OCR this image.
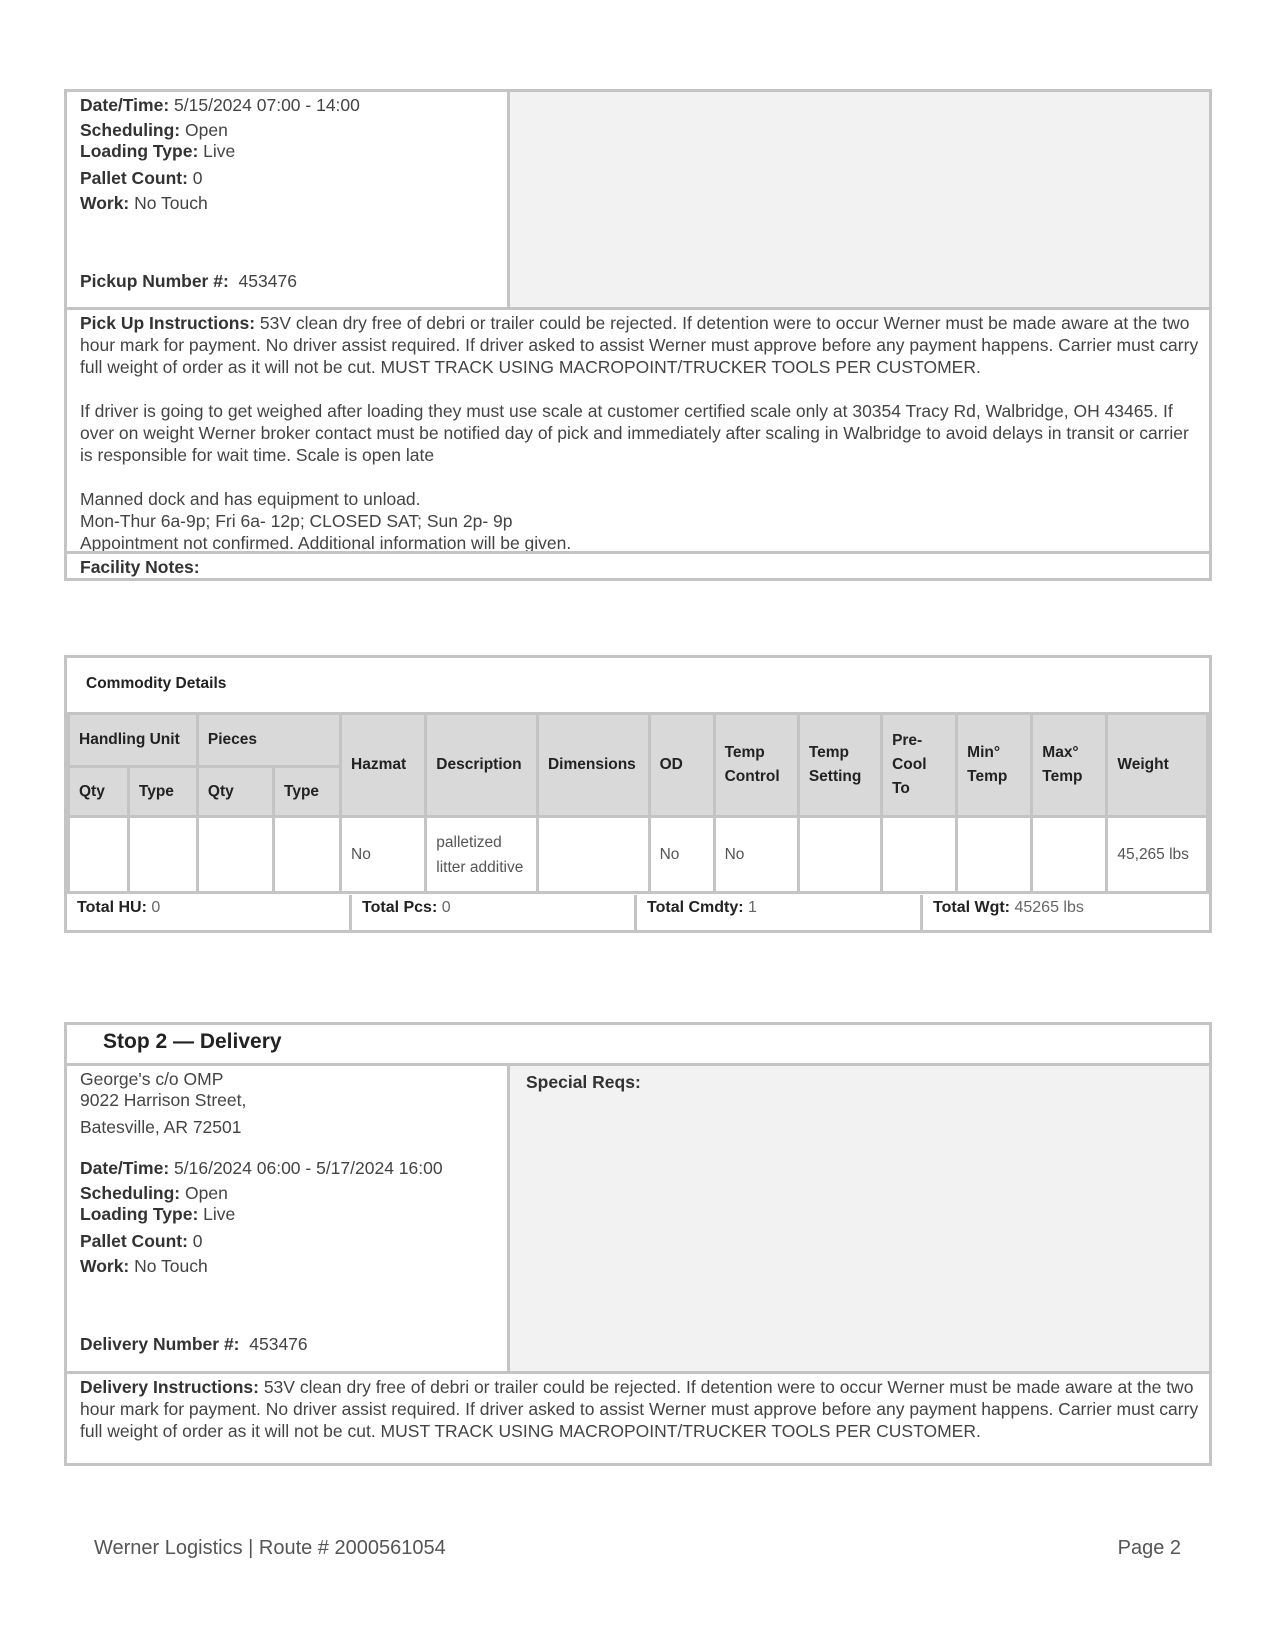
Date/Time: 5/15/2024 07:00 - 14:00
Scheduling: Open
Loading Type: Live
Pallet Count: 0
Work: No Touch
Pickup Number #: 453476
Pick Up Instructions: 53V clean dry free of debri or trailer could be rejected. If detention were to occur Werner must be made aware at the two hour mark for payment. No driver assist required. If driver asked to assist Werner must approve before any payment happens. Carrier must carry full weight of order as it will not be cut. MUST TRACK USING MACROPOINT/TRUCKER TOOLS PER CUSTOMER.
If driver is going to get weighed after loading they must use scale at customer certified scale only at 30354 Tracy Rd, Walbridge, OH 43465. If over on weight Werner broker contact must be notified day of pick and immediately after scaling in Walbridge to avoid delays in transit or carrier is responsible for wait time. Scale is open late
Manned dock and has equipment to unload.
Mon-Thur 6a-9p; Fri 6a- 12p; CLOSED SAT; Sun 2p- 9p
Appointment not confirmed. Additional information will be given.
Facility Notes:
Commodity Details
Handling Unit		Pieces		Hazmat	Description	Dimensions	OD	Temp Control	Temp Setting	Pre-Cool To	Min° Temp	Max° Temp	Weight
Qty	Type	Qty	Type										
				No	palletized litter additive		No	No					45,265 lbs
Total HU: 0	Total Pcs: 0	Total Cmdty: 1	Total Wgt: 45265 lbs
Stop 2 — Delivery
George's c/o OMP
9022 Harrison Street,
Batesville, AR 72501
Date/Time: 5/16/2024 06:00 - 5/17/2024 16:00
Scheduling: Open
Loading Type: Live
Pallet Count: 0
Work: No Touch
Delivery Number #: 453476
Special Reqs:
Delivery Instructions: 53V clean dry free of debri or trailer could be rejected. If detention were to occur Werner must be made aware at the two hour mark for payment. No driver assist required. If driver asked to assist Werner must approve before any payment happens. Carrier must carry full weight of order as it will not be cut. MUST TRACK USING MACROPOINT/TRUCKER TOOLS PER CUSTOMER.
Werner Logistics | Route # 2000561054	Page 2
